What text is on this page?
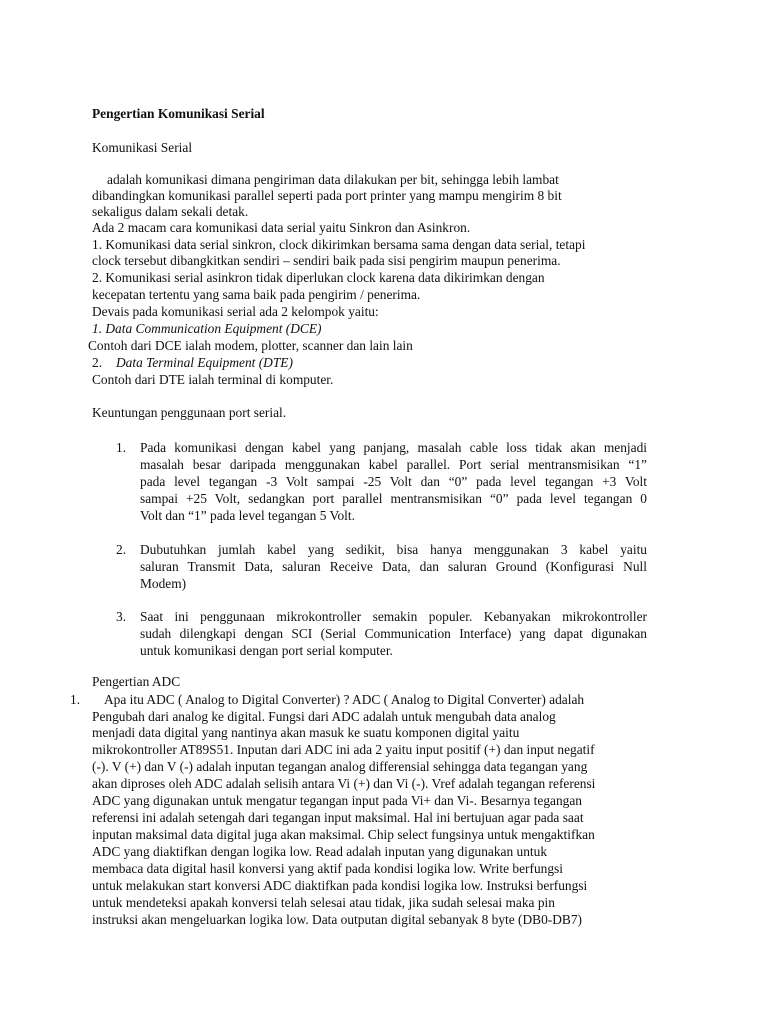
Pengertian Komunikasi Serial
Komunikasi Serial
adalah komunikasi dimana pengiriman data dilakukan per bit, sehingga lebih lambat
dibandingkan komunikasi parallel seperti pada port printer yang mampu mengirim 8 bit
sekaligus dalam sekali detak.
Ada 2 macam cara komunikasi data serial yaitu Sinkron dan Asinkron.
1. Komunikasi data serial sinkron, clock dikirimkan bersama sama dengan data serial, tetapi
clock tersebut dibangkitkan sendiri – sendiri baik pada sisi pengirim maupun penerima.
2. Komunikasi serial asinkron tidak diperlukan clock karena data dikirimkan dengan
kecepatan tertentu yang sama baik pada pengirim / penerima.
Devais pada komunikasi serial ada 2 kelompok yaitu:
1. Data Communication Equipment (DCE)
Contoh dari DCE ialah modem, plotter, scanner dan lain lain
2. Data Terminal Equipment (DTE)
Contoh dari DTE ialah terminal di komputer.
Keuntungan penggunaan port serial.
1. Pada komunikasi dengan kabel yang panjang, masalah cable loss tidak akan menjadi
masalah besar daripada menggunakan kabel parallel. Port serial mentransmisikan “1”
pada level tegangan -3 Volt sampai -25 Volt dan “0” pada level tegangan +3 Volt
sampai +25 Volt, sedangkan port parallel mentransmisikan “0” pada level tegangan 0
Volt dan “1” pada level tegangan 5 Volt.
2. Dubutuhkan jumlah kabel yang sedikit, bisa hanya menggunakan 3 kabel yaitu
saluran Transmit Data, saluran Receive Data, dan saluran Ground (Konfigurasi Null
Modem)
3. Saat ini penggunaan mikrokontroller semakin populer. Kebanyakan mikrokontroller
sudah dilengkapi dengan SCI (Serial Communication Interface) yang dapat digunakan
untuk komunikasi dengan port serial komputer.
Pengertian ADC
1. Apa itu ADC ( Analog to Digital Converter) ? ADC ( Analog to Digital Converter) adalah
Pengubah dari analog ke digital. Fungsi dari ADC adalah untuk mengubah data analog
menjadi data digital yang nantinya akan masuk ke suatu komponen digital yaitu
mikrokontroller AT89S51. Inputan dari ADC ini ada 2 yaitu input positif (+) dan input negatif
(-). V (+) dan V (-) adalah inputan tegangan analog differensial sehingga data tegangan yang
akan diproses oleh ADC adalah selisih antara Vi (+) dan Vi (-). Vref adalah tegangan referensi
ADC yang digunakan untuk mengatur tegangan input pada Vi+ dan Vi-. Besarnya tegangan
referensi ini adalah setengah dari tegangan input maksimal. Hal ini bertujuan agar pada saat
inputan maksimal data digital juga akan maksimal. Chip select fungsinya untuk mengaktifkan
ADC yang diaktifkan dengan logika low. Read adalah inputan yang digunakan untuk
membaca data digital hasil konversi yang aktif pada kondisi logika low. Write berfungsi
untuk melakukan start konversi ADC diaktifkan pada kondisi logika low. Instruksi berfungsi
untuk mendeteksi apakah konversi telah selesai atau tidak, jika sudah selesai maka pin
instruksi akan mengeluarkan logika low. Data outputan digital sebanyak 8 byte (DB0-DB7)
